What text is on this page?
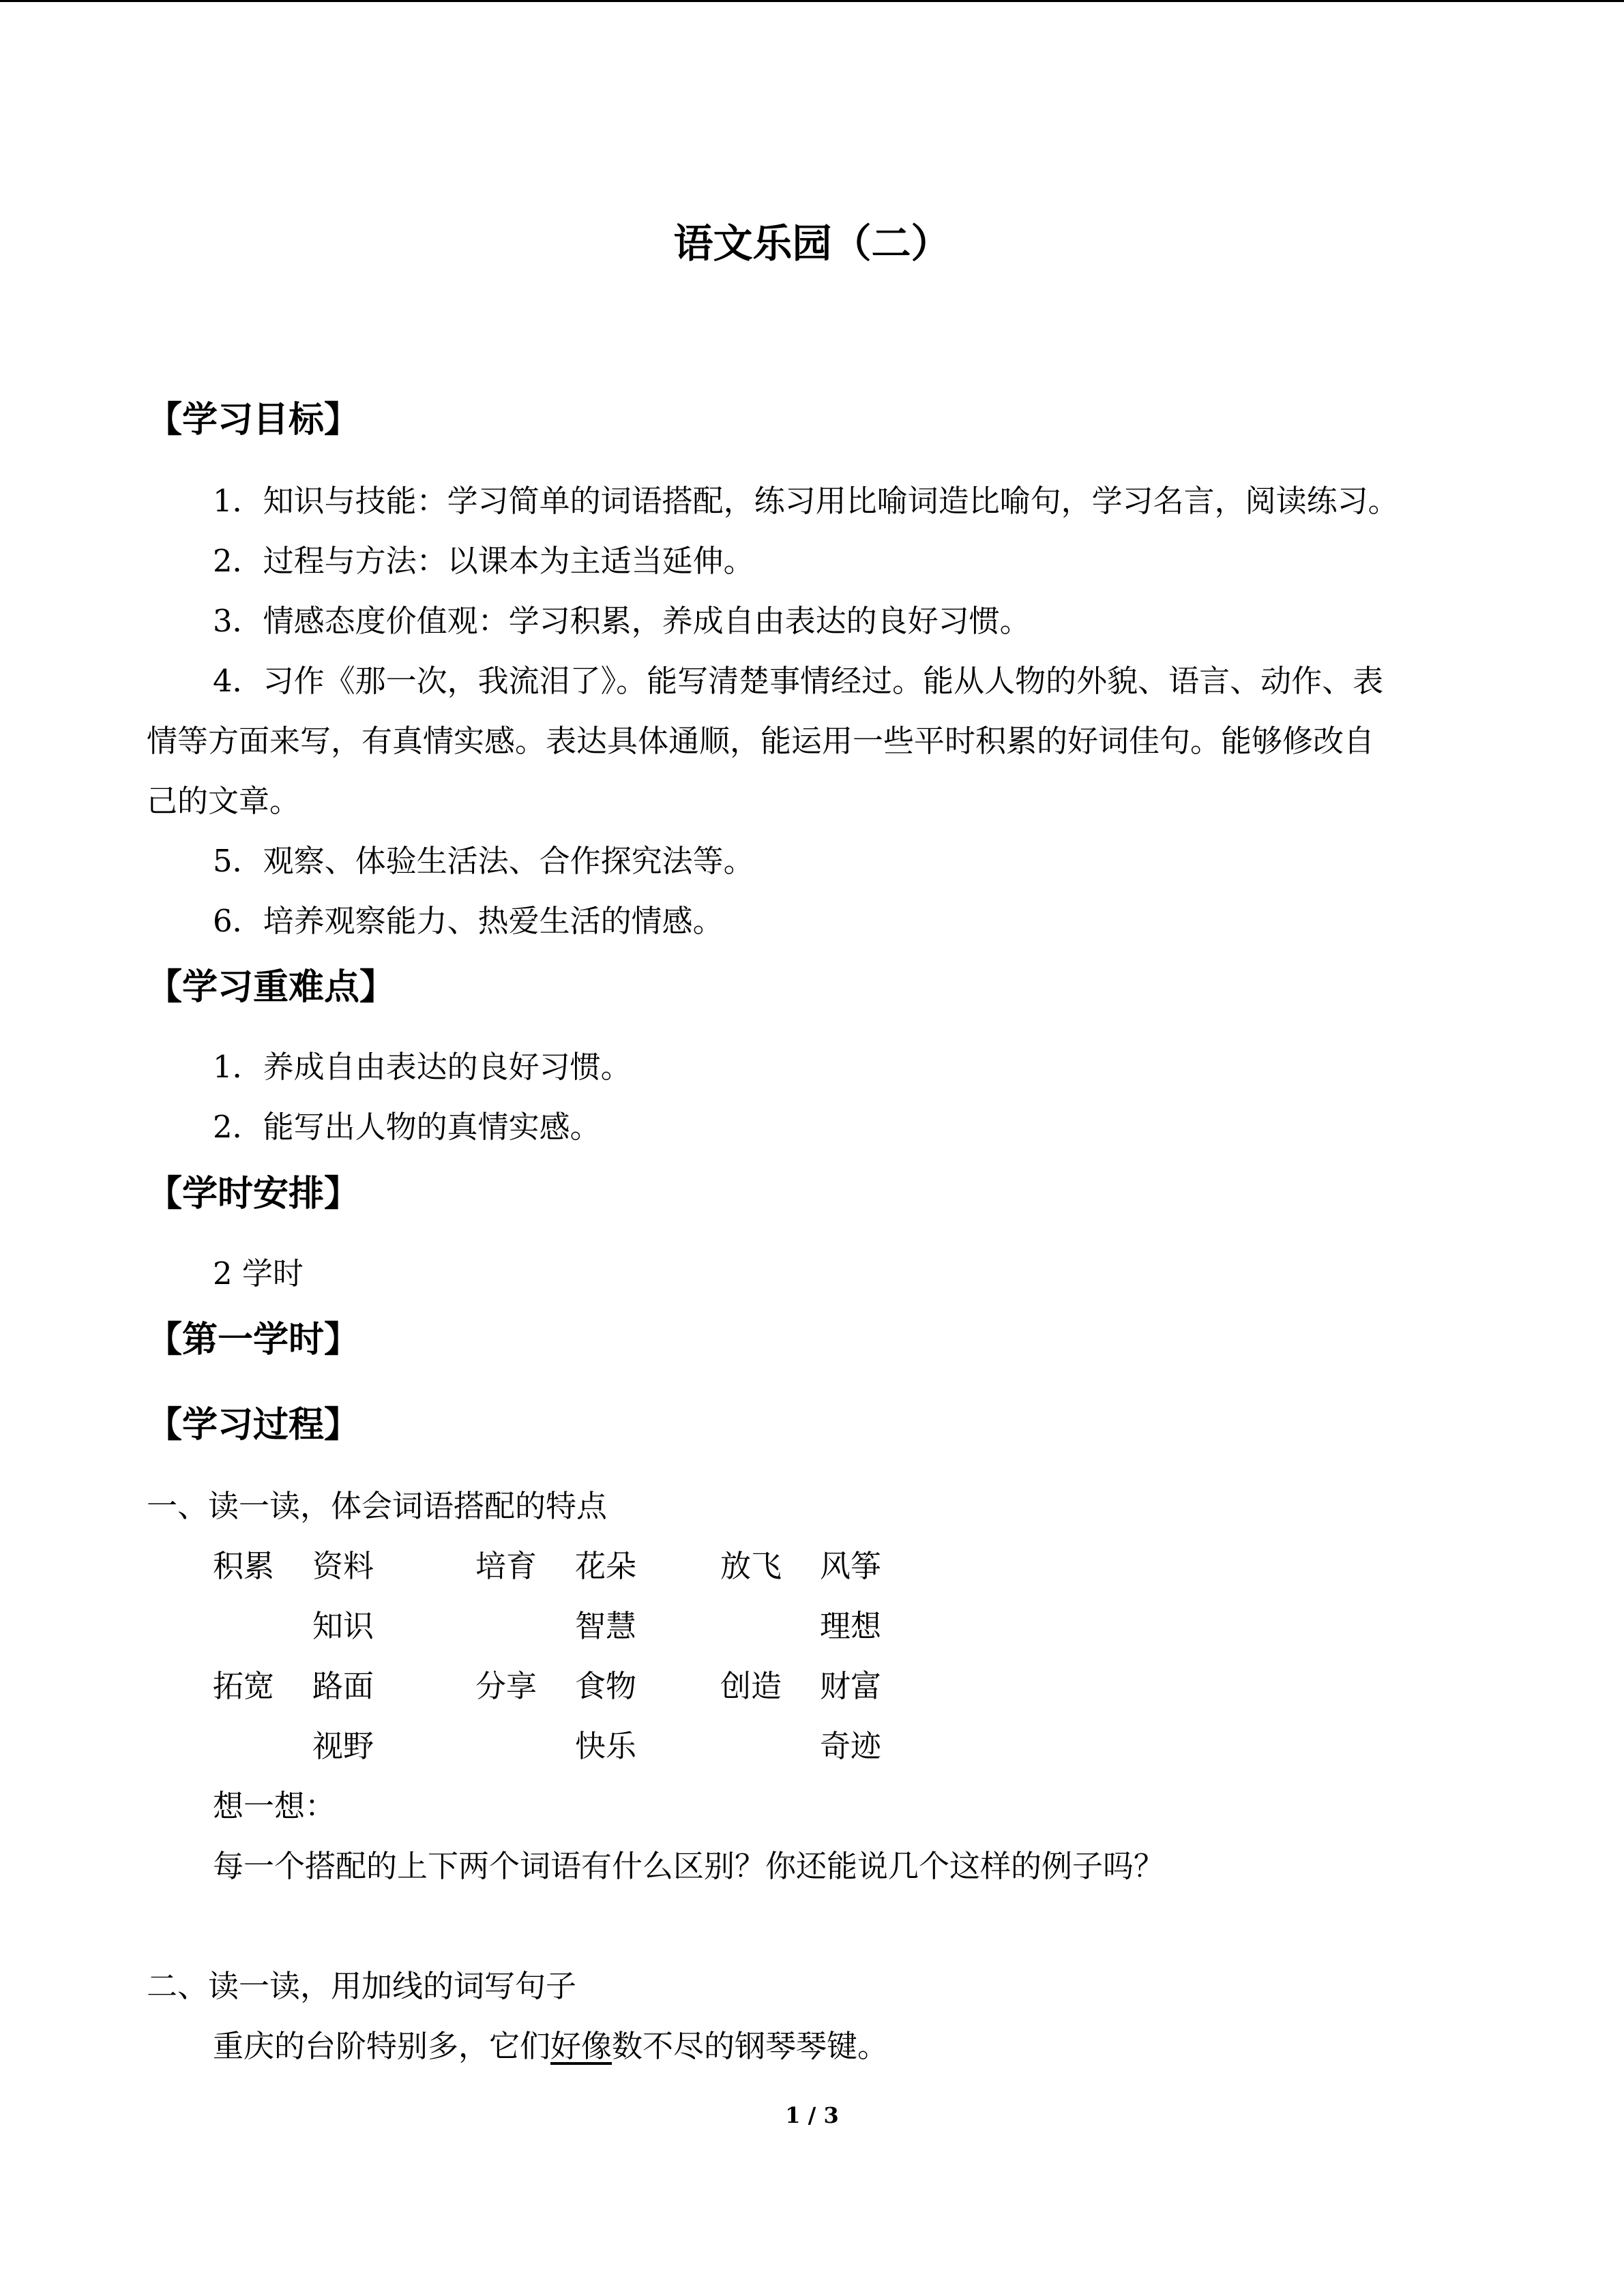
语文乐园（二）
【学习目标】
1．知识与技能：学习简单的词语搭配，练习用比喻词造比喻句，学习名言，阅读练习。
2．过程与方法：以课本为主适当延伸。
3．情感态度价值观：学习积累，养成自由表达的良好习惯。
4．习作《那一次，我流泪了》。能写清楚事情经过。能从人物的外貌、语言、动作、表
情等方面来写，有真情实感。表达具体通顺，能运用一些平时积累的好词佳句。能够修改自
己的文章。
5．观察、体验生活法、合作探究法等。
6．培养观察能力、热爱生活的情感。
【学习重难点】
1．养成自由表达的良好习惯。
2．能写出人物的真情实感。
【学时安排】
2 学时
【第一学时】
【学习过程】
一、读一读，体会词语搭配的特点
积累 资料	培育 花朵	放飞 风筝
知识	智慧	理想
拓宽 路面	分享 食物	创造 财富
视野	快乐	奇迹
想一想：
每一个搭配的上下两个词语有什么区别？你还能说几个这样的例子吗？
二、读一读，用加线的词写句子
重庆的台阶特别多，它们好像数不尽的钢琴琴键。
1 / 3
